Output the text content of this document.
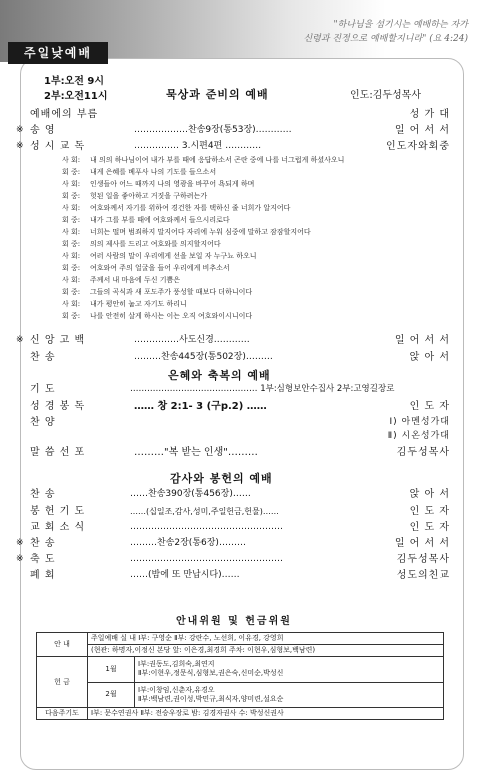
"하나님을 섬기시는 예배하는 자가
신령과 진정으로 예배할지니라" (요 4:24)
주일낮예배
1부:오전 9시
2부:오전11시	묵상과 준비의 예배	인도:김두성목사
예배에의 부름	성 가 대
※ 송 영	………………찬송9장(통53장)…………	일 어 서 서
※ 성 시 교 독	…………… 3.시편4편 …………	인도자와회중
사 회: 내 의의 하나님이여 내가 부를 때에 응답하소서 곤란 중에 나를 너그럽게 하셨사오니
회 중: 내게 은혜를 베푸사 나의 기도를 들으소서
사 회: 인생들아 어느 때까지 나의 영광을 바꾸어 욕되게 하며
회 중: 헛된 일을 좋아하고 거짓을 구하려는가
사 회: 여호와께서 자기를 위하여 경건한 자를 택하신 줄 너희가 알지어다
회 중: 내가 그를 부를 때에 여호와께서 들으시리로다
사 회: 너희는 떨며 범죄하지 말지어다 자리에 누워 심중에 말하고 잠잠할지어다
회 중: 의의 제사를 드리고 여호와를 의지할지어다
사 회: 여러 사람의 말이 우리에게 선을 보일 자 누구뇨 하오니
회 중: 여호와여 주의 얼굴을 들어 우리에게 비추소서
사 회: 주께서 내 마음에 두신 기쁨은
회 중: 그들의 곡식과 새 포도주가 풍성할 때보다 더하니이다
사 회: 내가 평안히 눕고 자기도 하리니
회 중: 나를 안전히 살게 하시는 이는 오직 여호와이시니이다
※ 신 앙 고 백	……………사도신경…………	일 어 서 서
찬 송	………찬송445장(통502장)………	앉 아 서
은혜와 축복의 예배
기 도	……………………………………… 1부:심형보안수집사 2부:고영길장로
성 경 봉 독	…… 창 2:1- 3 (구p.2) ……	인 도 자
찬 양	Ⅰ) 아멘성가대
Ⅱ) 시온성가대
말 씀 선 포	………"복 받는 인생"………	김두성목사
감사와 봉헌의 예배
찬 송	……찬송390장(통456장)……	앉 아 서
봉 헌 기 도	……(십일조,감사,성미,주일헌금,헌물)……	인 도 자
교 회 소 식	……………………………………………	인 도 자
※ 찬 송	………찬송2장(통6장)………	일 어 서 서
※ 축 도	……………………………………………	김두성목사
폐 회	……(밤에 또 만납시다)……	성도의친교
안내위원 및 헌금위원
안 내	주일예배 실 내 Ⅰ부: 구영순 Ⅱ부: 강란수, 노선희, 이유경, 강영희	
	(현관: 하명자,이정신 본당 앞: 이은경,최경희 주차: 이현우,심형보,백남련)	
헌 금	1월	Ⅰ부:권동도,김희숙,최연지
Ⅱ부:이현우,정문식,심형보,권은숙,신미순,박성신

	2월	Ⅰ부:이창임,신춘자,유경오
Ⅱ부:백남련,권이성,박민규,최식자,양미련,설요순

다음주기도	Ⅰ부: 문수연권사 Ⅱ부: 전승우장로 밤: 김경자권사 수: 박성신권사	
